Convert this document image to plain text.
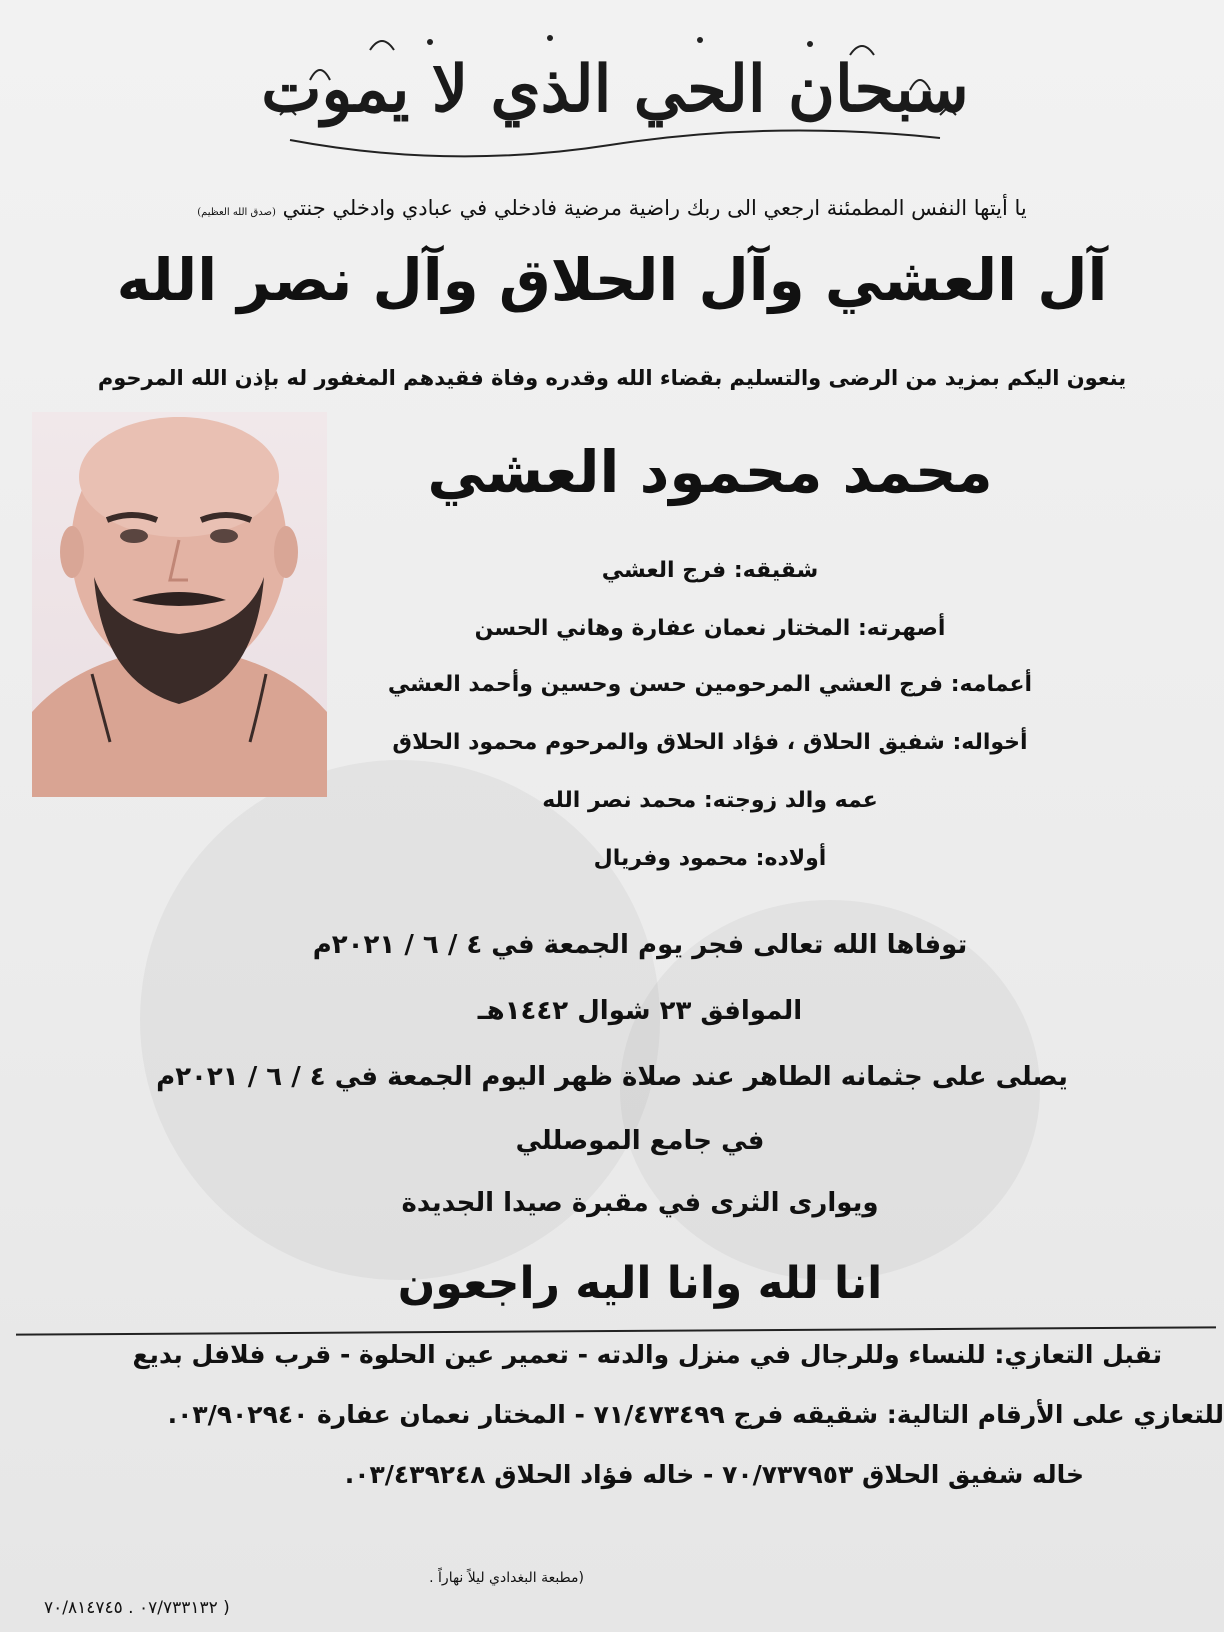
سبحان الحي الذي لا يموت
يا أيتها النفس المطمئنة ارجعي الى ربك راضية مرضية فادخلي في عبادي وادخلي جنتي (صدق الله العظيم)
آل العشي وآل الحلاق وآل نصر الله
ينعون اليكم بمزيد من الرضى والتسليم بقضاء الله وقدره وفاة فقيدهم المغفور له بإذن الله المرحوم
محمد محمود العشي
شقيقه: فرج العشي
أصهرته: المختار نعمان عفارة وهاني الحسن
أعمامه: فرج العشي المرحومين حسن وحسين وأحمد العشي
أخواله: شفيق الحلاق ، فؤاد الحلاق والمرحوم محمود الحلاق
عمه والد زوجته: محمد نصر الله
أولاده: محمود وفريال
توفاها الله تعالى فجر يوم الجمعة في ٤ / ٦ / ٢٠٢١م
الموافق ٢٣ شوال ١٤٤٢هـ
يصلى على جثمانه الطاهر عند صلاة ظهر اليوم الجمعة في ٤ / ٦ / ٢٠٢١م
في جامع الموصللي
ويوارى الثرى في مقبرة صيدا الجديدة
انا لله وانا اليه راجعون
تقبل التعازي: للنساء وللرجال في منزل والدته - تعمير عين الحلوة - قرب فلافل بديع
للتعازي على الأرقام التالية: شقيقه فرج ٧١/٤٧٣٤٩٩ - المختار نعمان عفارة ٠٣/٩٠٢٩٤٠.
خاله شفيق الحلاق ٧٠/٧٣٧٩٥٣ - خاله فؤاد الحلاق ٠٣/٤٣٩٢٤٨.
(مطبعة البغدادي ليلاً نهاراً .
٠٧/٧٣٣١٣٢ . ٧٠/٨١٤٧٤٥ )
